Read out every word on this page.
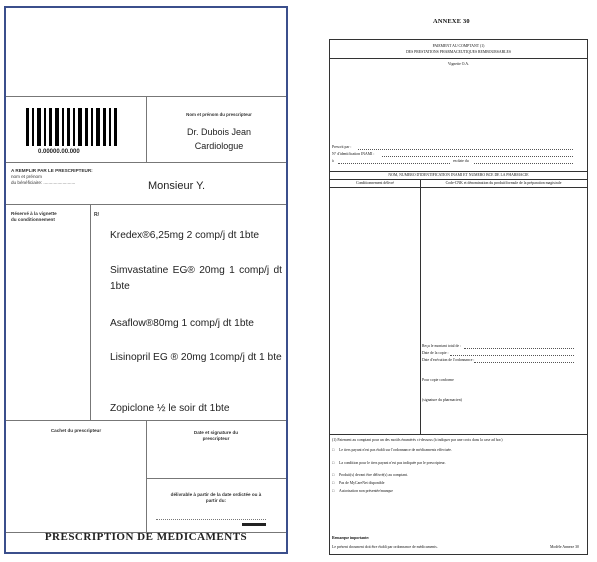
0.00000.00.000
Nom et prénom du prescripteur
Dr. Dubois Jean
Cardiologue
A REMPLIR PAR LE PRESCRIPTEUR:
nom et prénom
du bénéficiaire: .........................	Monsieur Y.
Réservé à la vignette
du conditionnement
R/
Kredex®6,25mg 2 comp/j dt 1bte
Simvastatine EG® 20mg 1 comp/j dt 1bte
Asaflow®80mg 1 comp/j dt 1bte
Lisinopril EG ® 20mg 1comp/j dt 1 bte
Zopiclone ½ le soir dt 1bte
Cachet du prescripteur	Date et signature du
prescripteur
délivrable à partir de la date ordictée ou à
partir du:
PRESCRIPTION DE MEDICAMENTS
ANNEXE 30
PAIEMENT AU COMPTANT (1)
DES PRESTATIONS PHARMACEUTIQUES REMBOURSABLES
Vignette O.A.
Prescrit par :
N° d'identification INAMI :
à	en date du
NOM, NUMERO D'IDENTIFICATION INAMI ET NUMERO BCE DE LA PHARMACIE
Conditionnement délivré	Code-CNK et dénomination du produit/formule de la préparation magistrale
Reçu le montant total de :
Date de la copie :
Date d'exécution de l'ordonnance :
Pour copie conforme
(signature du pharmacien)
(1) Paiement au comptant pour un des motifs énumérés ci-dessous (à indiquer par une croix dans la case ad hoc)
□ Le tiers payant n'est pas établi sur l'ordonnance de médicaments effectuée.
□ La condition pour le tiers payant n'est pas indiquée par le prescripteur.
□ Produit(s) devant être délivré(s) au comptant.
□ Pas de MyCareNet disponible
□ Autorisation non présentée/manque
Remarque importante:
Le présent document doit être établi par ordonnance de médicaments.	Modèle Annexe 30
